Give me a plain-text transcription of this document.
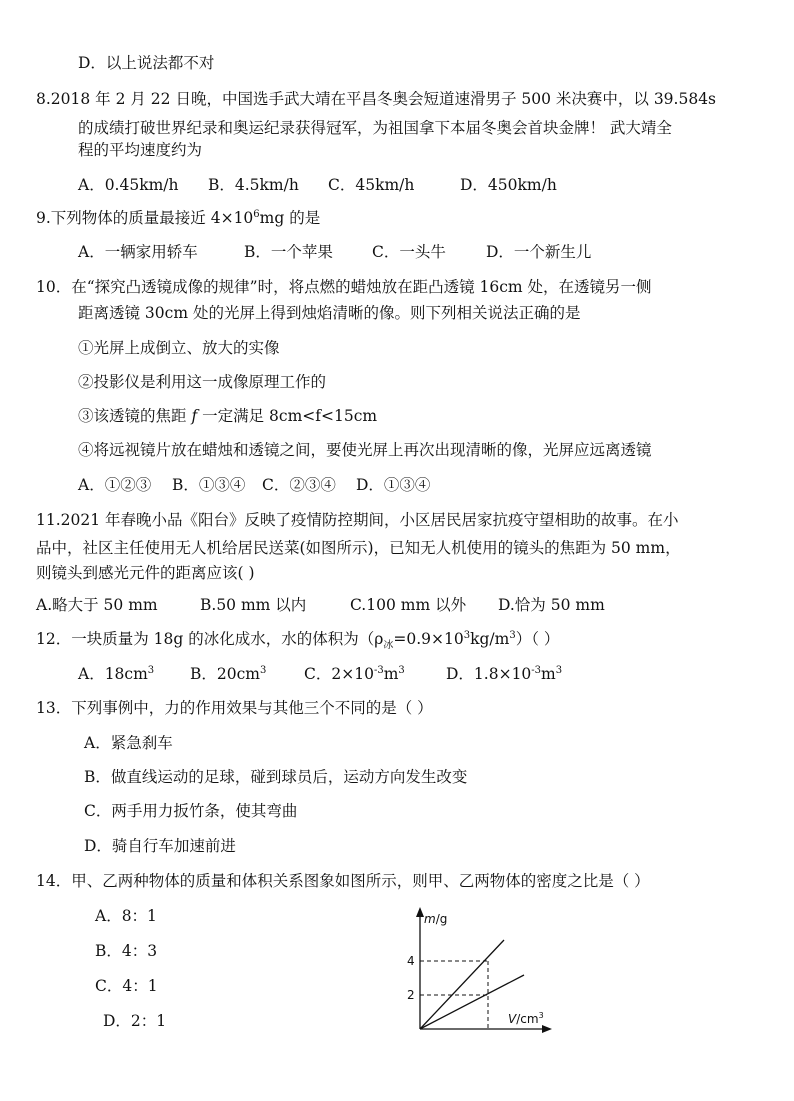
D．以上说法都不对
8.2018 年 2 月 22 日晚，中国选手武大靖在平昌冬奥会短道速滑男子 500 米决赛中，以 39.584s
的成绩打破世界纪录和奥运纪录获得冠军，为祖国拿下本届冬奥会首块金牌！ 武大靖全
程的平均速度约为
A．0.45km/h B．4.5km/h C．45km/h	D．450km/h
9.下列物体的质量最接近 $4\times 10^6mg$ 的是
A．一辆家用轿车	B．一个苹果	C．一头牛	D．一个新生儿
10．在“探究凸透镜成像的规律”时，将点燃的蜡烛放在距凸透镜 16cm 处，在透镜另一侧
距离透镜 30cm 处的光屏上得到烛焰清晰的像。则下列相关说法正确的是
①光屏上成倒立、放大的实像
②投影仪是利用这一成像原理工作的
③该透镜的焦距 f 一定满足 8cm<f<15cm
④将远视镜片放在蜡烛和透镜之间，要使光屏上再次出现清晰的像，光屏应远离透镜
A．①②③ B．①③④ C．②③④ D．①③④
11.2021 年春晚小品《阳台》反映了疫情防控期间，小区居民居家抗疫守望相助的故事。在小
品中，社区主任使用无人机给居民送菜(如图所示)，已知无人机使用的镜头的焦距为 50 mm，
则镜头到感光元件的距离应该( )
A.略大于 50 mm	B.50 mm 以内	C.100 mm 以外 D.恰为 50 mm
12．一块质量为 18g 的冰化成水，水的体积为$(\rho_冰=0.9\times 10^3kg/m^3)$（ ）
A．$18cm^3$ B．$20cm^3$ C．$2\times 10^{-3}m^3$	D．$1.8\times 10^{-3}m^3$
13．下列事例中，力的作用效果与其他三个不同的是（ ）
A．紧急刹车
B．做直线运动的足球，碰到球员后，运动方向发生改变
C．两手用力扳竹条，使其弯曲
D．骑自行车加速前进
14．甲、乙两种物体的质量和体积关系图象如图所示，则甲、乙两物体的密度之比是（ ）
A．8：1
B．4：3
C．4：1
D．2：1
4
2
m/g
$V/cm^3$
